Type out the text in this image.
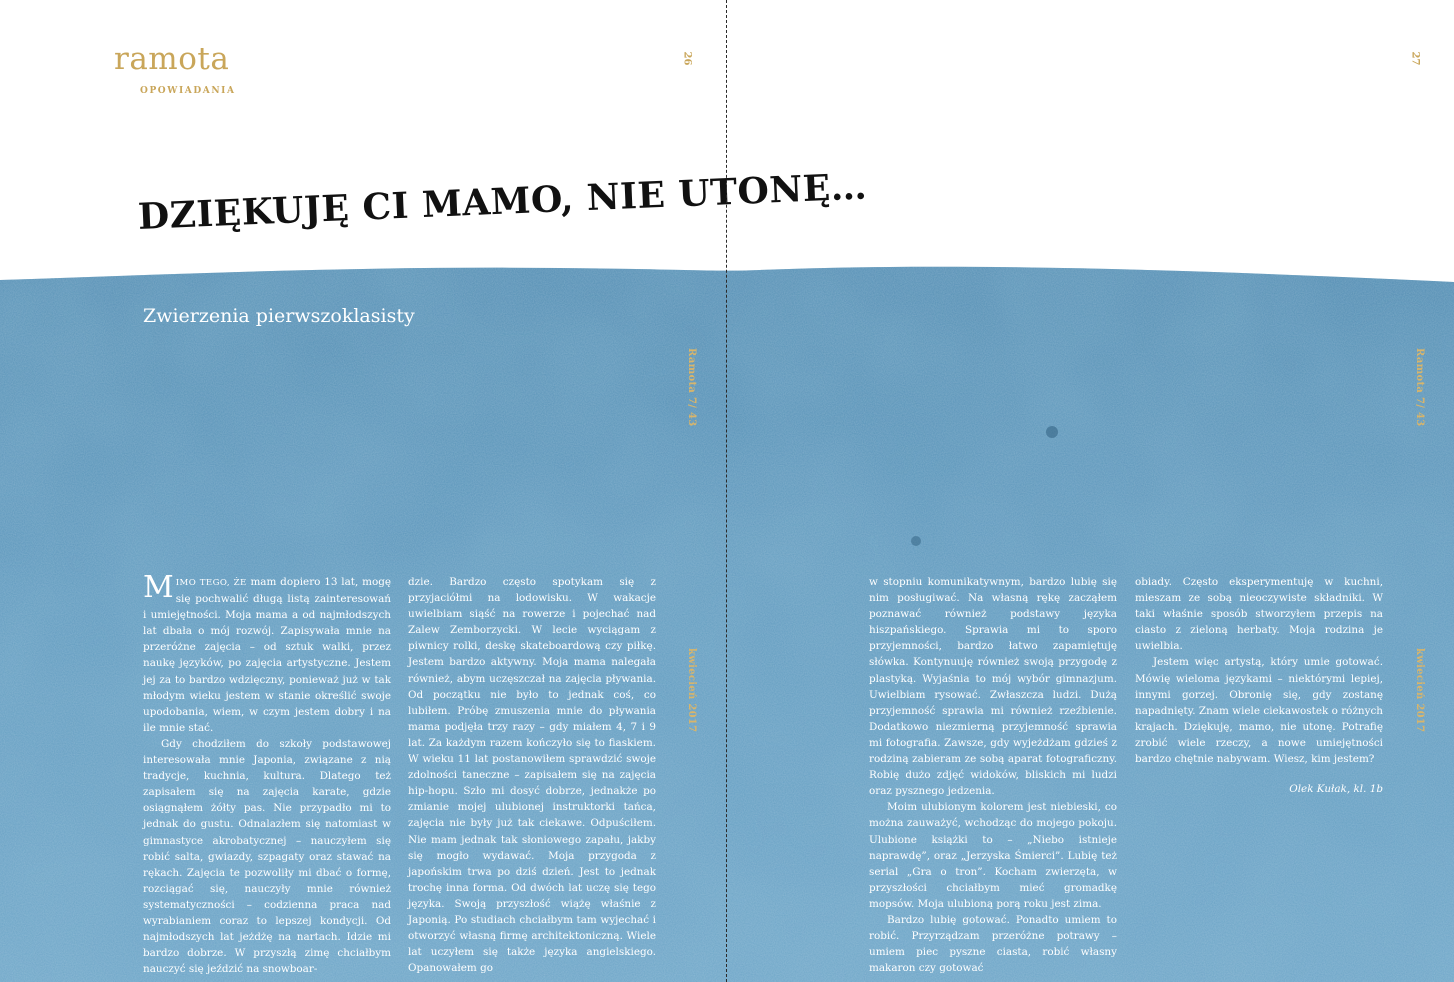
ramota
OPOWIADANIA
26	27
Ramota 7/ 43
kwiecień 2017
Ramota 7/ 43
kwiecień 2017
DZIĘKUJĘ CI MAMO, NIE UTONĘ…
Zwierzenia pierwszoklasisty

MIMO TEGO, ŻE mam dopiero 13 lat, mogę się pochwalić długą listą zainteresowań i umiejętności. Moja mama a od najmłodszych lat dbała o mój rozwój. Zapisywała mnie na przeróżne zajęcia – od sztuk walki, przez naukę języków, po zajęcia artystyczne. Jestem jej za to bardzo wdzięczny, ponieważ już w tak młodym wieku jestem w stanie określić swoje upodobania, wiem, w czym jestem dobry i na ile mnie stać.

Gdy chodziłem do szkoły podstawowej interesowała mnie Japonia, związane z nią tradycje, kuchnia, kultura. Dlatego też zapisałem się na zajęcia karate, gdzie osiągnąłem żółty pas. Nie przypadło mi to jednak do gustu. Odnalazłem się natomiast w gimnastyce akrobatycznej – nauczyłem się robić salta, gwiazdy, szpagaty oraz stawać na rękach. Zajęcia te pozwoliły mi dbać o formę, rozciągać się, nauczyły mnie również systematyczności – codzienna praca nad wyrabianiem coraz to lepszej kondycji. Od najmłodszych lat jeżdżę na nartach. Idzie mi bardzo dobrze. W przyszłą zimę chciałbym nauczyć się jeździć na snowboar-

dzie. Bardzo często spotykam się z przyjaciółmi na lodowisku. W wakacje uwielbiam siąść na rowerze i pojechać nad Zalew Zemborzycki. W lecie wyciągam z piwnicy rolki, deskę skateboardową czy piłkę. Jestem bardzo aktywny. Moja mama nalegała również, abym uczęszczał na zajęcia pływania. Od początku nie było to jednak coś, co lubiłem. Próbę zmuszenia mnie do pływania mama podjęła trzy razy – gdy miałem 4, 7 i 9 lat. Za każdym razem kończyło się to fiaskiem. W wieku 11 lat postanowiłem sprawdzić swoje zdolności taneczne – zapisałem się na zajęcia hip-hopu. Szło mi dosyć dobrze, jednakże po zmianie mojej ulubionej instruktorki tańca, zajęcia nie były już tak ciekawe. Odpuściłem. Nie mam jednak tak słoniowego zapału, jakby się mogło wydawać. Moja przygoda z japońskim trwa po dziś dzień. Jest to jednak trochę inna forma. Od dwóch lat uczę się tego języka. Swoją przyszłość wiążę właśnie z Japonią. Po studiach chciałbym tam wyjechać i otworzyć własną firmę architektoniczną. Wiele lat uczyłem się także języka angielskiego. Opanowałem go

w stopniu komunikatywnym, bardzo lubię się nim posługiwać. Na własną rękę zacząłem poznawać również podstawy języka hiszpańskiego. Sprawia mi to sporo przyjemności, bardzo łatwo zapamiętuję słówka. Kontynuuję również swoją przygodę z plastyką. Wyjaśnia to mój wybór gimnazjum. Uwielbiam rysować. Zwłaszcza ludzi. Dużą przyjemność sprawia mi również rzeźbienie. Dodatkowo niezmierną przyjemność sprawia mi fotografia. Zawsze, gdy wyjeżdżam gdzieś z rodziną zabieram ze sobą aparat fotograficzny. Robię dużo zdjęć widoków, bliskich mi ludzi oraz pysznego jedzenia.

Moim ulubionym kolorem jest niebieski, co można zauważyć, wchodząc do mojego pokoju. Ulubione książki to – „Niebo istnieje naprawdę”, oraz „Jerzyska Śmierci”. Lubię też serial „Gra o tron”. Kocham zwierzęta, w przyszłości chciałbym mieć gromadkę mopsów. Moja ulubioną porą roku jest zima.

Bardzo lubię gotować. Ponadto umiem to robić. Przyrządzam przeróżne potrawy – umiem piec pyszne ciasta, robić własny makaron czy gotować

obiady. Często eksperymentuję w kuchni, mieszam ze sobą nieoczywiste składniki. W taki właśnie sposób stworzyłem przepis na ciasto z zieloną herbaty. Moja rodzina je uwielbia.

Jestem więc artystą, który umie gotować. Mówię wieloma językami – niektórymi lepiej, innymi gorzej. Obronię się, gdy zostanę napadnięty. Znam wiele ciekawostek o różnych krajach. Dziękuję, mamo, nie utonę. Potrafię zrobić wiele rzeczy, a nowe umiejętności bardzo chętnie nabywam. Wiesz, kim jestem?

Olek Kułak, kl. 1b
